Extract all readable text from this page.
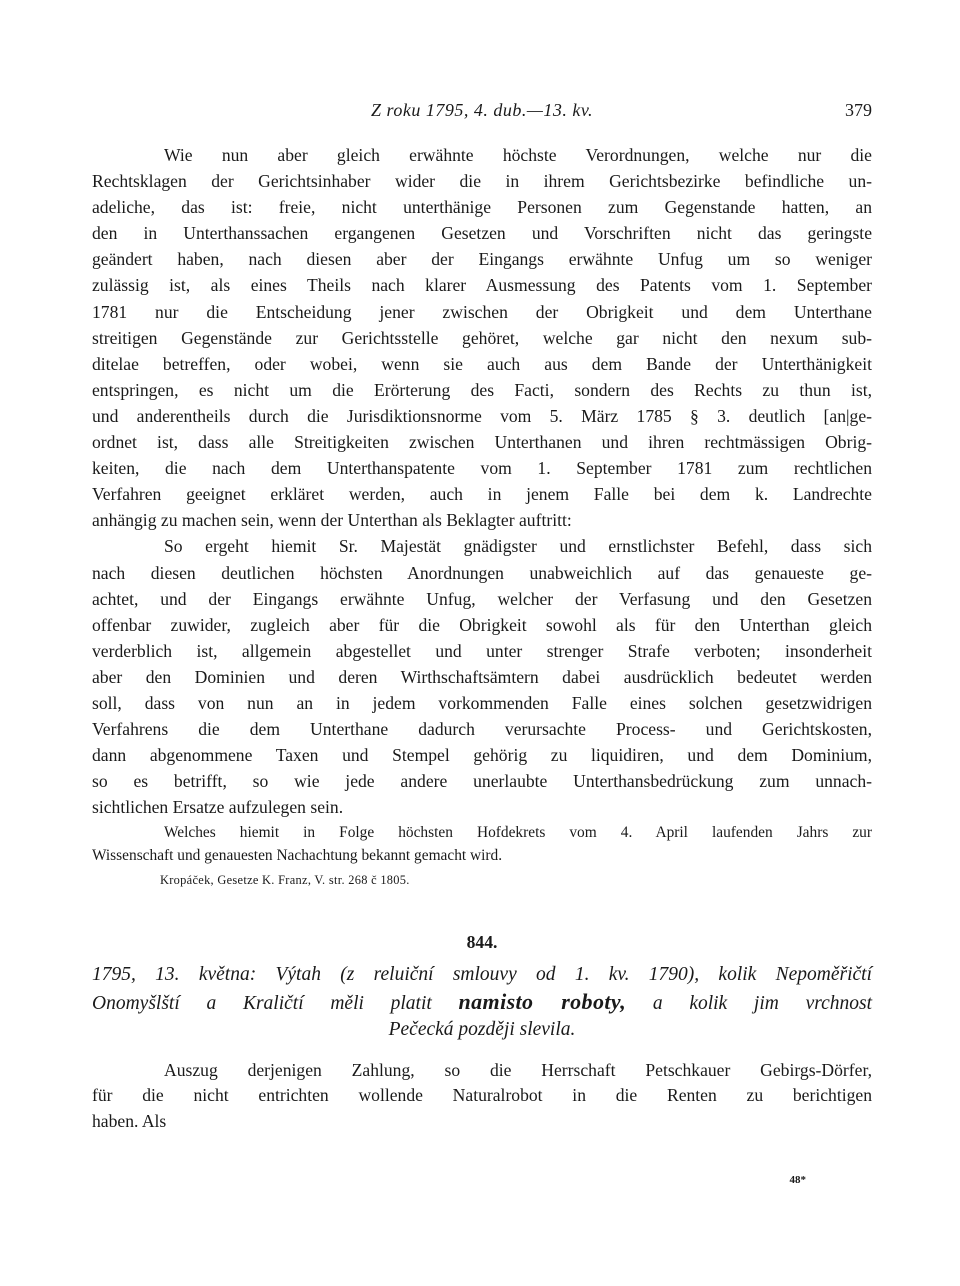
Z roku 1795, 4. dub.—13. kv.	379

Wie nun aber gleich erwähnte höchste Verordnungen, welche nur die
Rechtsklagen der Gerichtsinhaber wider die in ihrem Gerichtsbezirke befindliche un-
adeliche, das ist: freie, nicht unterthänige Personen zum Gegenstande hatten, an
den in Unterthanssachen ergangenen Gesetzen und Vorschriften nicht das geringste
geändert haben, nach diesen aber der Eingangs erwähnte Unfug um so weniger
zulässig ist, als eines Theils nach klarer Ausmessung des Patents vom 1. September
1781 nur die Entscheidung jener zwischen der Obrigkeit und dem Unterthane
streitigen Gegenstände zur Gerichtsstelle gehöret, welche gar nicht den nexum sub-
ditelae betreffen, oder wobei, wenn sie auch aus dem Bande der Unterthänigkeit
entspringen, es nicht um die Erörterung des Facti, sondern des Rechts zu thun ist,
und anderentheils durch die Jurisdiktionsnorme vom 5. März 1785 § 3. deutlich [an|ge-
ordnet ist, dass alle Streitigkeiten zwischen Unterthanen und ihren rechtmässigen Obrig-
keiten, die nach dem Unterthanspatente vom 1. September 1781 zum rechtlichen
Verfahren geeignet erkläret werden, auch in jenem Falle bei dem k. Landrechte
anhängig zu machen sein, wenn der Unterthan als Beklagter auftritt:

So ergeht hiemit Sr. Majestät gnädigster und ernstlichster Befehl, dass sich
nach diesen deutlichen höchsten Anordnungen unabweichlich auf das genaueste ge-
achtet, und der Eingangs erwähnte Unfug, welcher der Verfasung und den Gesetzen
offenbar zuwider, zugleich aber für die Obrigkeit sowohl als für den Unterthan gleich
verderblich ist, allgemein abgestellet und unter strenger Strafe verboten; insonderheit
aber den Dominien und deren Wirthschaftsämtern dabei ausdrücklich bedeutet werden
soll, dass von nun an in jedem vorkommenden Falle eines solchen gesetzwidrigen
Verfahrens die dem Unterthane dadurch verursachte Process- und Gerichtskosten,
dann abgenommene Taxen und Stempel gehörig zu liquidiren, und dem Dominium,
so es betrifft, so wie jede andere unerlaubte Unterthansbedrückung zum unnach-
sichtlichen Ersatze aufzulegen sein.

Welches hiemit in Folge höchsten Hofdekrets vom 4. April laufenden Jahrs zur
Wissenschaft und genauesten Nachachtung bekannt gemacht wird.

Kropáček, Gesetze K. Franz, V. str. 268 č 1805.
844.

1795, 13. května: Výtah (z reluiční smlouvy od 1. kv. 1790), kolik Nepoměřičtí
Onomyšlští a Kraličtí měli platit namisto roboty, a kolik jim vrchnost
Pečecká později slevila.

Auszug derjenigen Zahlung, so die Herrschaft Petschkauer Gebirgs-Dörfer,
für die nicht entrichten wollende Naturalrobot in die Renten zu berichtigen
haben. Als

48*
